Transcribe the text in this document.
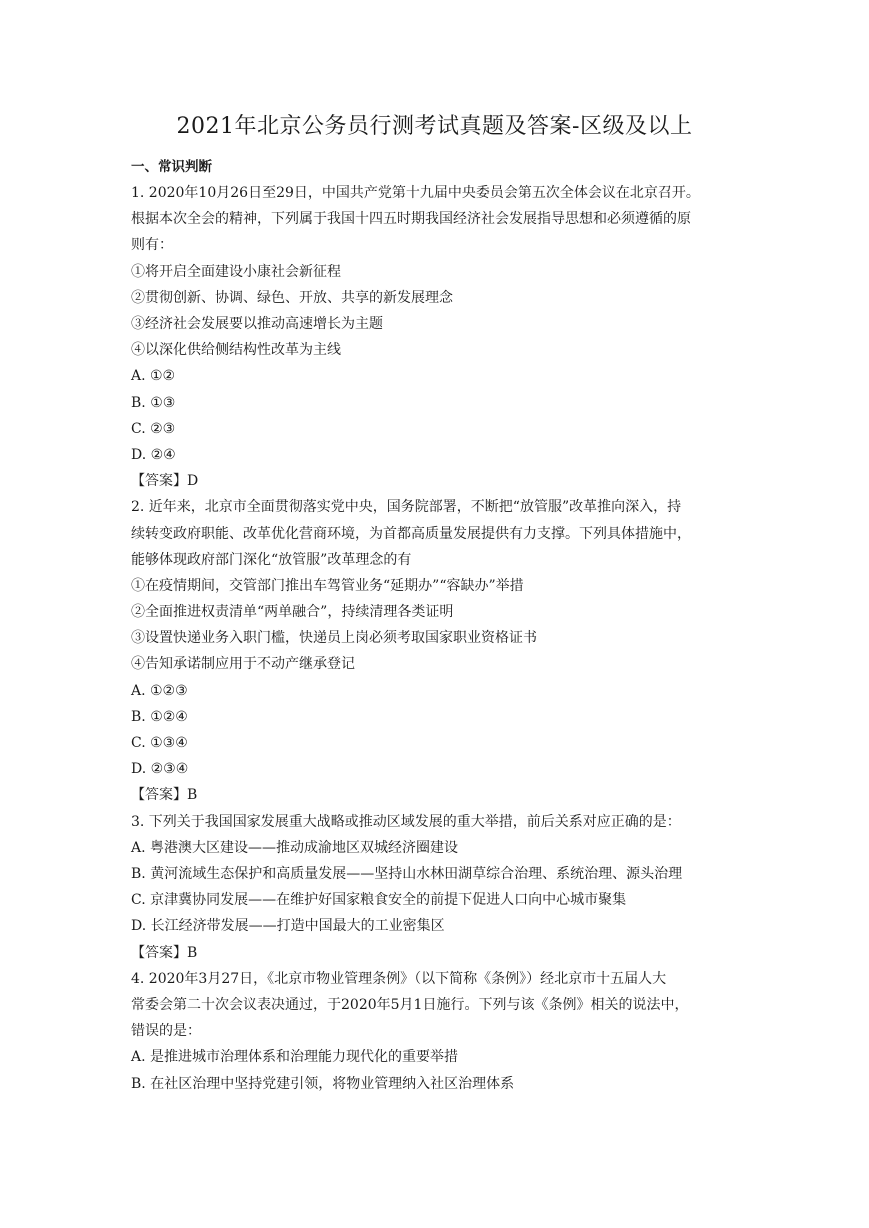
2021年北京公务员行测考试真题及答案-区级及以上
一、常识判断
1. 2020年10月26日至29日，中国共产党第十九届中央委员会第五次全体会议在北京召开。
根据本次全会的精神，下列属于我国十四五时期我国经济社会发展指导思想和必须遵循的原
则有：
①将开启全面建设小康社会新征程
②贯彻创新、协调、绿色、开放、共享的新发展理念
③经济社会发展要以推动高速增长为主题
④以深化供给侧结构性改革为主线
A. ①②
B. ①③
C. ②③
D. ②④
【答案】D
2. 近年来，北京市全面贯彻落实党中央，国务院部署，不断把“放管服”改革推向深入，持
续转变政府职能、改革优化营商环境，为首都高质量发展提供有力支撑。下列具体措施中，
能够体现政府部门深化“放管服”改革理念的有
①在疫情期间，交管部门推出车驾管业务“延期办”“容缺办”举措
②全面推进权责清单“两单融合”，持续清理各类证明
③设置快递业务入职门槛，快递员上岗必须考取国家职业资格证书
④告知承诺制应用于不动产继承登记
A. ①②③
B. ①②④
C. ①③④
D. ②③④
【答案】B
3. 下列关于我国国家发展重大战略或推动区域发展的重大举措，前后关系对应正确的是：
A. 粤港澳大区建设——推动成渝地区双城经济圈建设
B. 黄河流域生态保护和高质量发展——坚持山水林田湖草综合治理、系统治理、源头治理
C. 京津冀协同发展——在维护好国家粮食安全的前提下促进人口向中心城市聚集
D. 长江经济带发展——打造中国最大的工业密集区
【答案】B
4. 2020年3月27日，《北京市物业管理条例》（以下简称《条例》）经北京市十五届人大
常委会第二十次会议表决通过，于2020年5月1日施行。下列与该《条例》相关的说法中，
错误的是：
A. 是推进城市治理体系和治理能力现代化的重要举措
B. 在社区治理中坚持党建引领，将物业管理纳入社区治理体系
